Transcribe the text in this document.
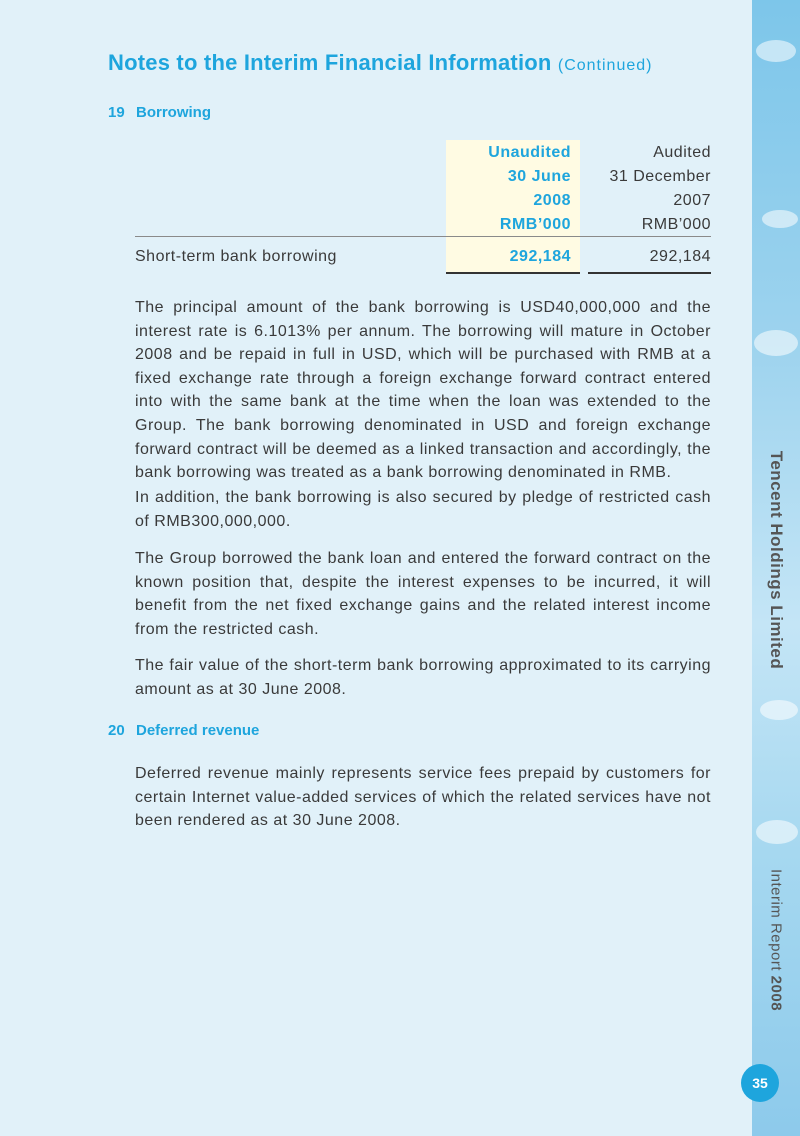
Tencent Holdings Limited
Interim Report 2008
35
Notes to the Interim Financial Information (Continued)
19 Borrowing
Unaudited
30 June
2008
RMB’000
Audited
31 December
2007
RMB’000
Short-term bank borrowing	292,184	292,184

The principal amount of the bank borrowing is USD40,000,000 and the interest rate is 6.1013% per annum. The borrowing will mature in October 2008 and be repaid in full in USD, which will be purchased with RMB at a fixed exchange rate through a foreign exchange forward contract entered into with the same bank at the time when the loan was extended to the Group. The bank borrowing denominated in USD and foreign exchange forward contract will be deemed as a linked transaction and accordingly, the bank borrowing was treated as a bank borrowing denominated in RMB.

In addition, the bank borrowing is also secured by pledge of restricted cash of RMB300,000,000.

The Group borrowed the bank loan and entered the forward contract on the known position that, despite the interest expenses to be incurred, it will benefit from the net fixed exchange gains and the related interest income from the restricted cash.

The fair value of the short-term bank borrowing approximated to its carrying amount as at 30 June 2008.

20 Deferred revenue

Deferred revenue mainly represents service fees prepaid by customers for certain Internet value-added services of which the related services have not been rendered as at 30 June 2008.
